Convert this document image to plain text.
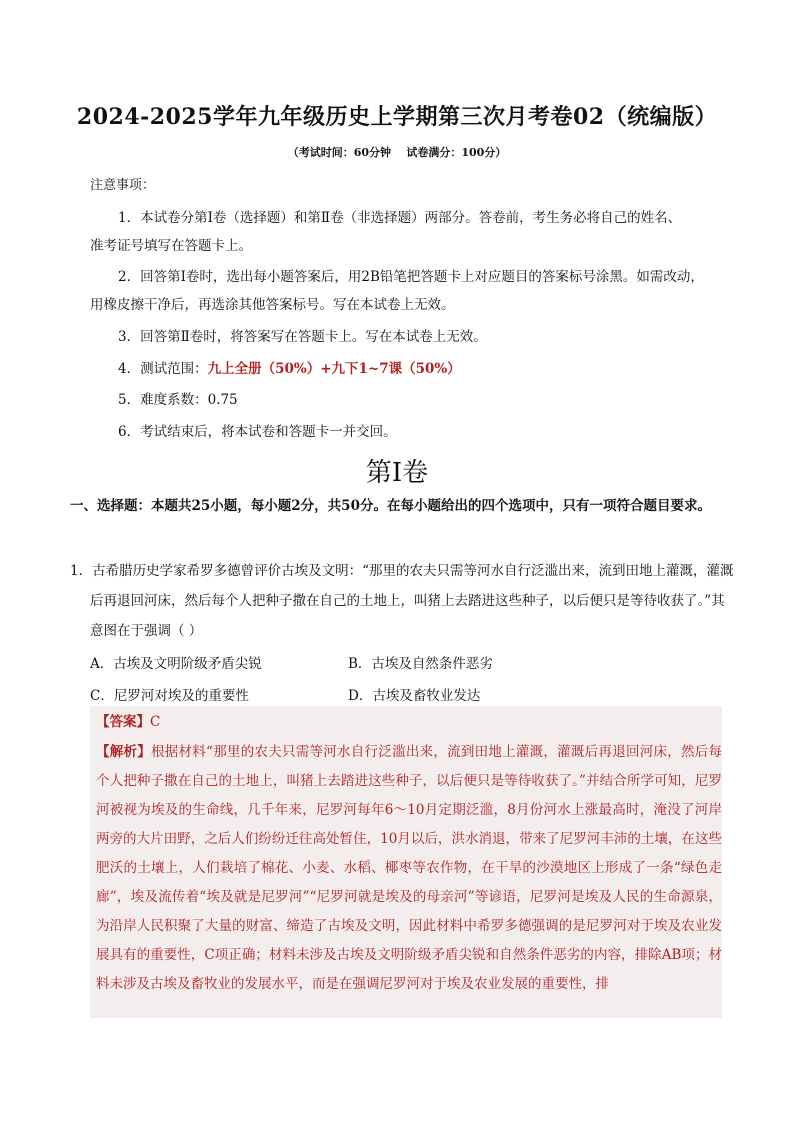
2024-2025学年九年级历史上学期第三次月考卷02（统编版）
（考试时间：60分钟    试卷满分：100分）
注意事项：
1．本试卷分第Ⅰ卷（选择题）和第Ⅱ卷（非选择题）两部分。答卷前，考生务必将自己的姓名、
准考证号填写在答题卡上。
2．回答第Ⅰ卷时，选出每小题答案后，用2B铅笔把答题卡上对应题目的答案标号涂黑。如需改动，
用橡皮擦干净后，再选涂其他答案标号。写在本试卷上无效。
3．回答第Ⅱ卷时，将答案写在答题卡上。写在本试卷上无效。
4．测试范围：九上全册（50%）+九下1~7课（50%）
5．难度系数：0.75
6．考试结束后，将本试卷和答题卡一并交回。
第Ⅰ卷
一、选择题：本题共25小题，每小题2分，共50分。在每小题给出的四个选项中，只有一项符合题目要求。
1．古希腊历史学家希罗多德曾评价古埃及文明：“那里的农夫只需等河水自行泛滥出来，流到田地上灌溉，灌溉后再退回河床，然后每个人把种子撒在自己的土地上，叫猪上去踏进这些种子，以后便只是等待收获了。”其意图在于强调（ ）
A．古埃及文明阶级矛盾尖锐	B．古埃及自然条件恶劣
C．尼罗河对埃及的重要性	D．古埃及畜牧业发达
【答案】C
【解析】根据材料“那里的农夫只需等河水自行泛滥出来，流到田地上灌溉，灌溉后再退回河床，然后每个人把种子撒在自己的土地上，叫猪上去踏进这些种子，以后便只是等待收获了。”并结合所学可知，尼罗河被视为埃及的生命线，几千年来，尼罗河每年6～10月定期泛滥，8月份河水上涨最高时，淹没了河岸两旁的大片田野，之后人们纷纷迁往高处暂住，10月以后，洪水消退，带来了尼罗河丰沛的土壤，在这些肥沃的土壤上，人们栽培了棉花、小麦、水稻、椰枣等农作物，在干旱的沙漠地区上形成了一条“绿色走廊”，埃及流传着“埃及就是尼罗河”“尼罗河就是埃及的母亲河”等谚语，尼罗河是埃及人民的生命源泉，为沿岸人民积聚了大量的财富、缔造了古埃及文明，因此材料中希罗多德强调的是尼罗河对于埃及农业发展具有的重要性，C项正确；材料未涉及古埃及文明阶级矛盾尖锐和自然条件恶劣的内容，排除AB项；材料未涉及古埃及畜牧业的发展水平，而是在强调尼罗河对于埃及农业发展的重要性，排
